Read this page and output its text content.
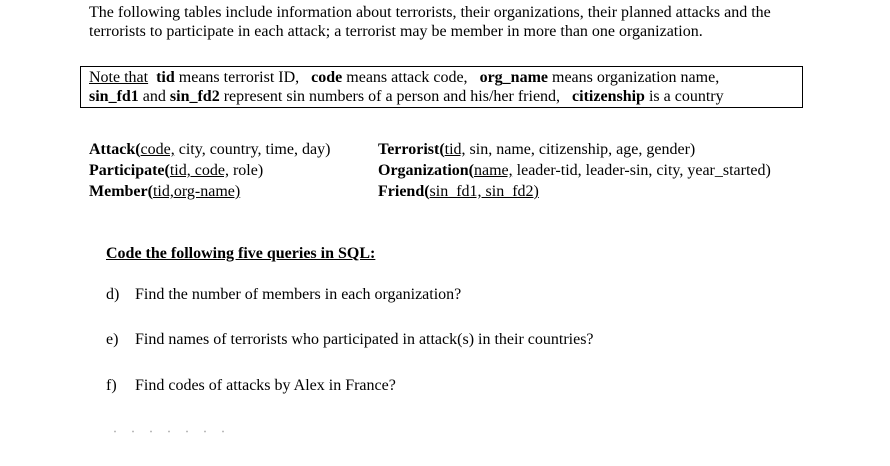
The following tables include information about terrorists, their organizations, their planned attacks and the
terrorists to participate in each attack; a terrorist may be member in more than one organization.
Note that tid means terrorist ID, code means attack code, org_name means organization name,
sin_fd1 and sin_fd2 represent sin numbers of a person and his/her friend, citizenship is a country
Attack(code, city, country, time, day)
Participate(tid, code, role)
Member(tid,org-name)
Terrorist(tid, sin, name, citizenship, age, gender)
Organization(name, leader-tid, leader-sin, city, year_started)
Friend(sin_fd1, sin_fd2)
Code the following five queries in SQL:
d) Find the number of members in each organization?
e) Find names of terrorists who participated in attack(s) in their countries?
f) Find codes of attacks by Alex in France?
